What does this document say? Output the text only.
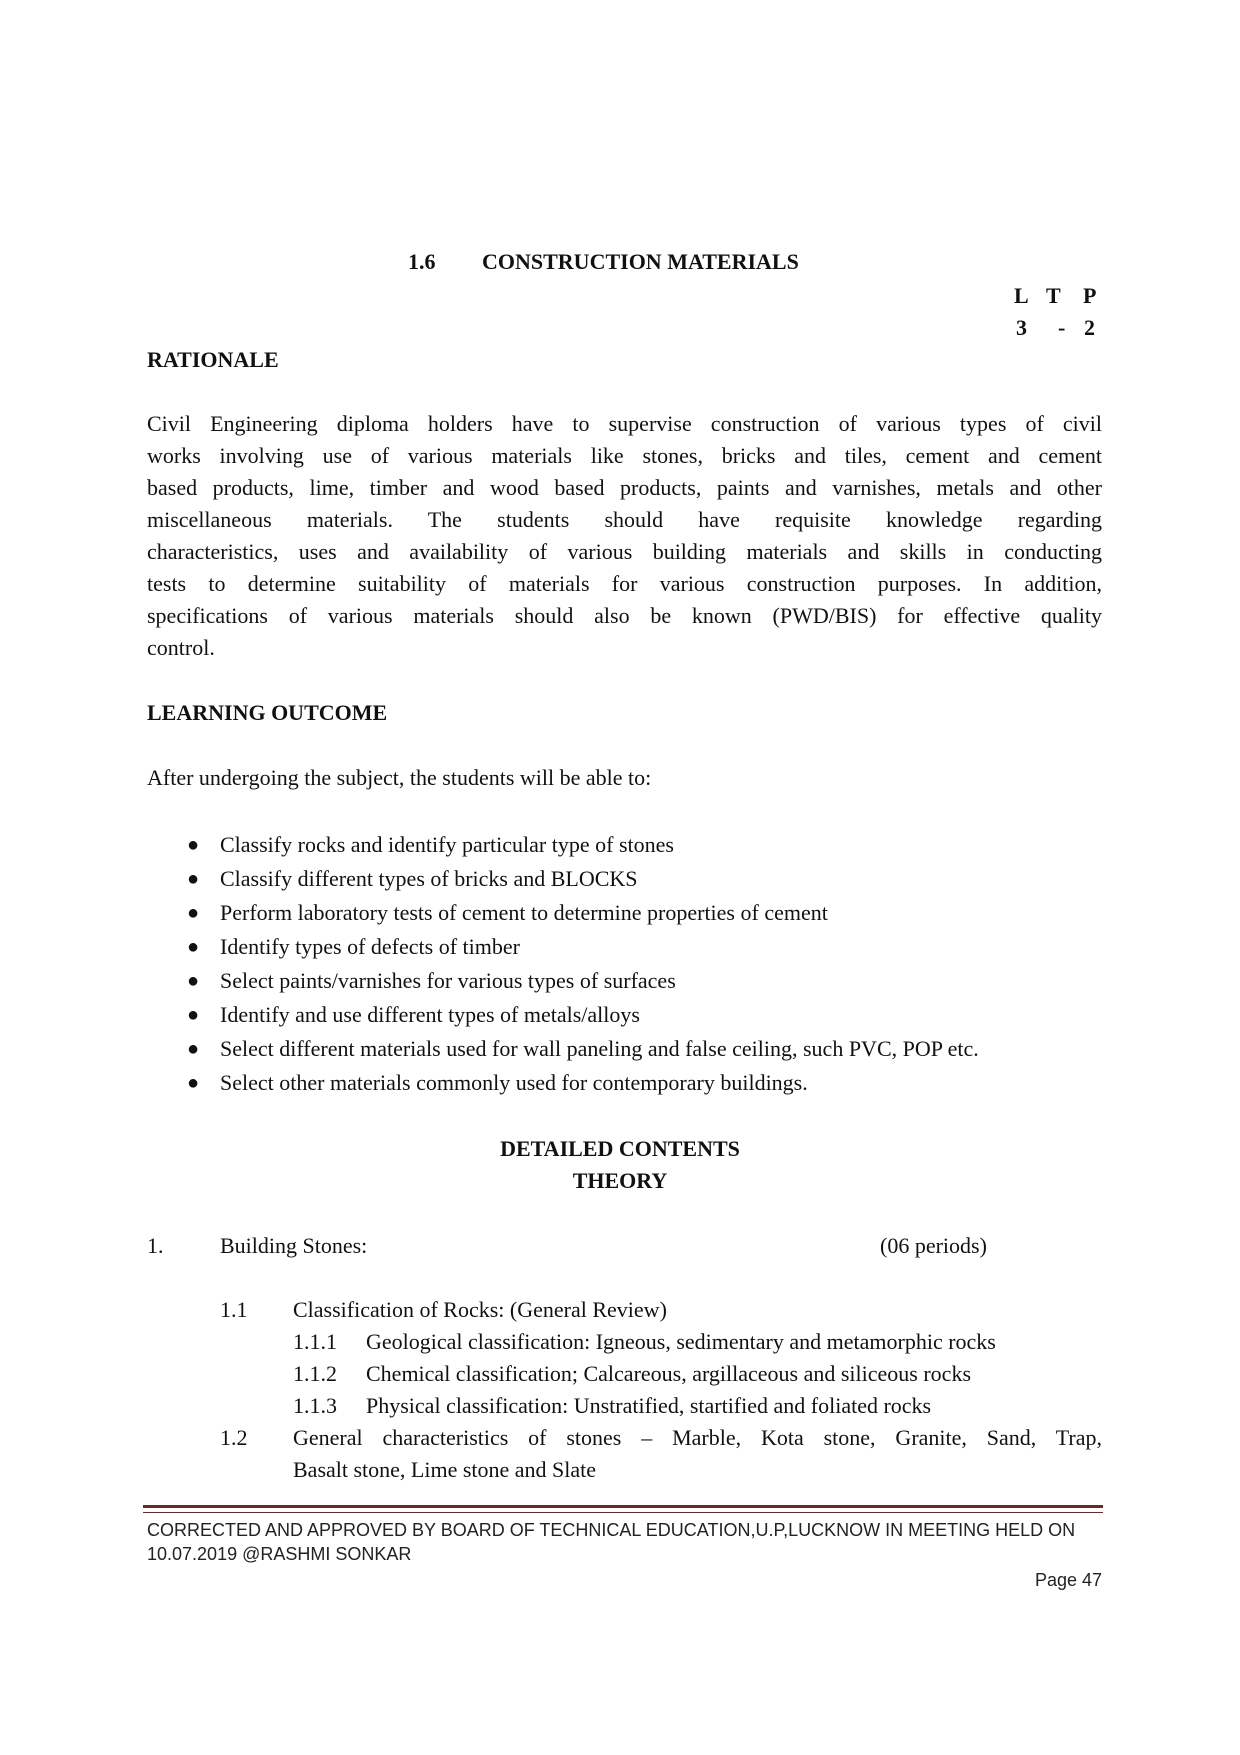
1.6 CONSTRUCTION MATERIALS
L T P
3 - 2
RATIONALE
Civil Engineering diploma holders have to supervise construction of various types of civil
works involving use of various materials like stones, bricks and tiles, cement and cement
based products, lime, timber and wood based products, paints and varnishes, metals and other
miscellaneous materials. The students should have requisite knowledge regarding
characteristics, uses and availability of various building materials and skills in conducting
tests to determine suitability of materials for various construction purposes. In addition,
specifications of various materials should also be known (PWD/BIS) for effective quality
control.
LEARNING OUTCOME
After undergoing the subject, the students will be able to:
● Classify rocks and identify particular type of stones
● Classify different types of bricks and BLOCKS
● Perform laboratory tests of cement to determine properties of cement
● Identify types of defects of timber
● Select paints/varnishes for various types of surfaces
● Identify and use different types of metals/alloys
● Select different materials used for wall paneling and false ceiling, such PVC, POP etc.
● Select other materials commonly used for contemporary buildings.
DETAILED CONTENTS
THEORY
1.	Building Stones:	(06 periods)
1.1 Classification of Rocks: (General Review)
1.1.1 Geological classification: Igneous, sedimentary and metamorphic rocks
1.1.2 Chemical classification; Calcareous, argillaceous and siliceous rocks
1.1.3 Physical classification: Unstratified, startified and foliated rocks
1.2 General characteristics of stones – Marble, Kota stone, Granite, Sand, Trap,
Basalt stone, Lime stone and Slate
CORRECTED AND APPROVED BY BOARD OF TECHNICAL EDUCATION,U.P,LUCKNOW IN MEETING HELD ON
10.07.2019 @RASHMI SONKAR
Page 47
